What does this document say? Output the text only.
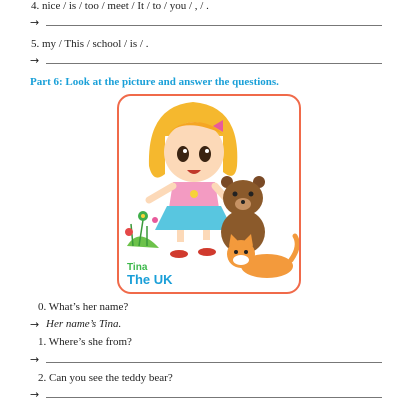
4. nice / is / too / meet / It / to / you / , / .
→
5. my / This / school / is / .
→
Part 6: Look at the picture and answer the questions.
Tina
The UK
0. What’s her name?
→ Her name’s Tina.
1. Where’s she from?
→
2. Can you see the teddy bear?
→
